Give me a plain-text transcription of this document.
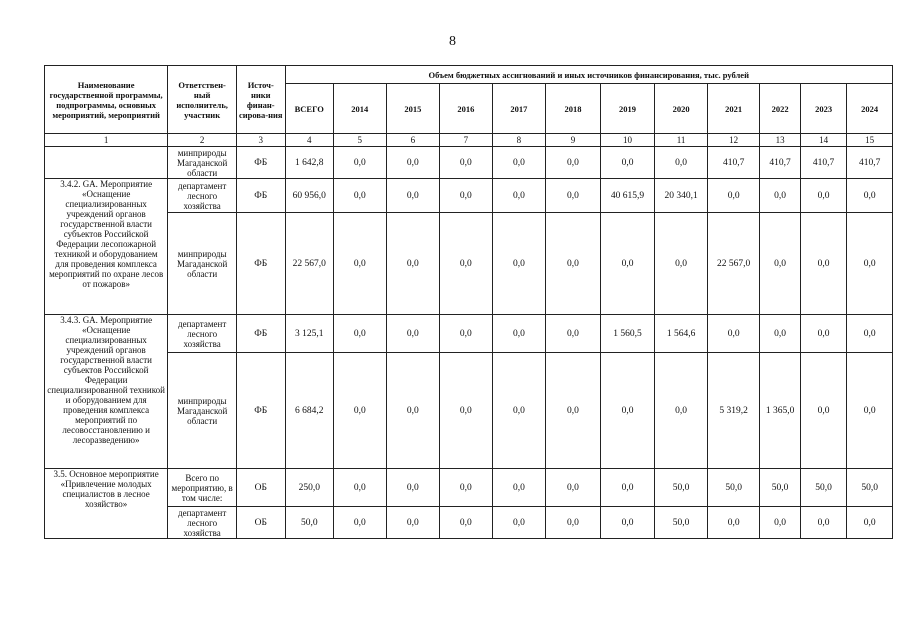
8
Наименование государственной программы, подпрограммы, основных мероприятий, мероприятий	Ответствен-ный исполнитель, участник	Источ-ники финан-сирова-ния	Объем бюджетных ассигнований и иных источников финансирования, тыс. рублей											
			ВСЕГО	2014	2015	2016	2017	2018	2019	2020	2021	2022	2023	2024
1	2	3	4	5	6	7	8	9	10	11	12	13	14	15
	минприроды Магаданской области	ФБ	1 642,8	0,0	0,0	0,0	0,0	0,0	0,0	0,0	410,7	410,7	410,7	410,7
3.4.2. GA. Мероприятие «Оснащение специализированных учреждений органов государственной власти субъектов Российской Федерации лесопожарной техникой и оборудованием для проведения комплекса мероприятий по охране лесов от пожаров»	департамент лесного хозяйства	ФБ	60 956,0	0,0	0,0	0,0	0,0	0,0	40 615,9	20 340,1	0,0	0,0	0,0	0,0
	минприроды Магаданской области	ФБ	22 567,0	0,0	0,0	0,0	0,0	0,0	0,0	0,0	22 567,0	0,0	0,0	0,0
3.4.3. GA. Мероприятие «Оснащение специализированных учреждений органов государственной власти субъектов Российской Федерации специализированной техникой и оборудованием для проведения комплекса мероприятий по лесовосстановлению и лесоразведению»	департамент лесного хозяйства	ФБ	3 125,1	0,0	0,0	0,0	0,0	0,0	1 560,5	1 564,6	0,0	0,0	0,0	0,0
	минприроды Магаданской области	ФБ	6 684,2	0,0	0,0	0,0	0,0	0,0	0,0	0,0	5 319,2	1 365,0	0,0	0,0
3.5. Основное мероприятие «Привлечение молодых специалистов в лесное хозяйство»	Всего по мероприятию, в том числе:	ОБ	250,0	0,0	0,0	0,0	0,0	0,0	0,0	50,0	50,0	50,0	50,0	50,0
	департамент лесного хозяйства	ОБ	50,0	0,0	0,0	0,0	0,0	0,0	0,0	50,0	0,0	0,0	0,0	0,0
